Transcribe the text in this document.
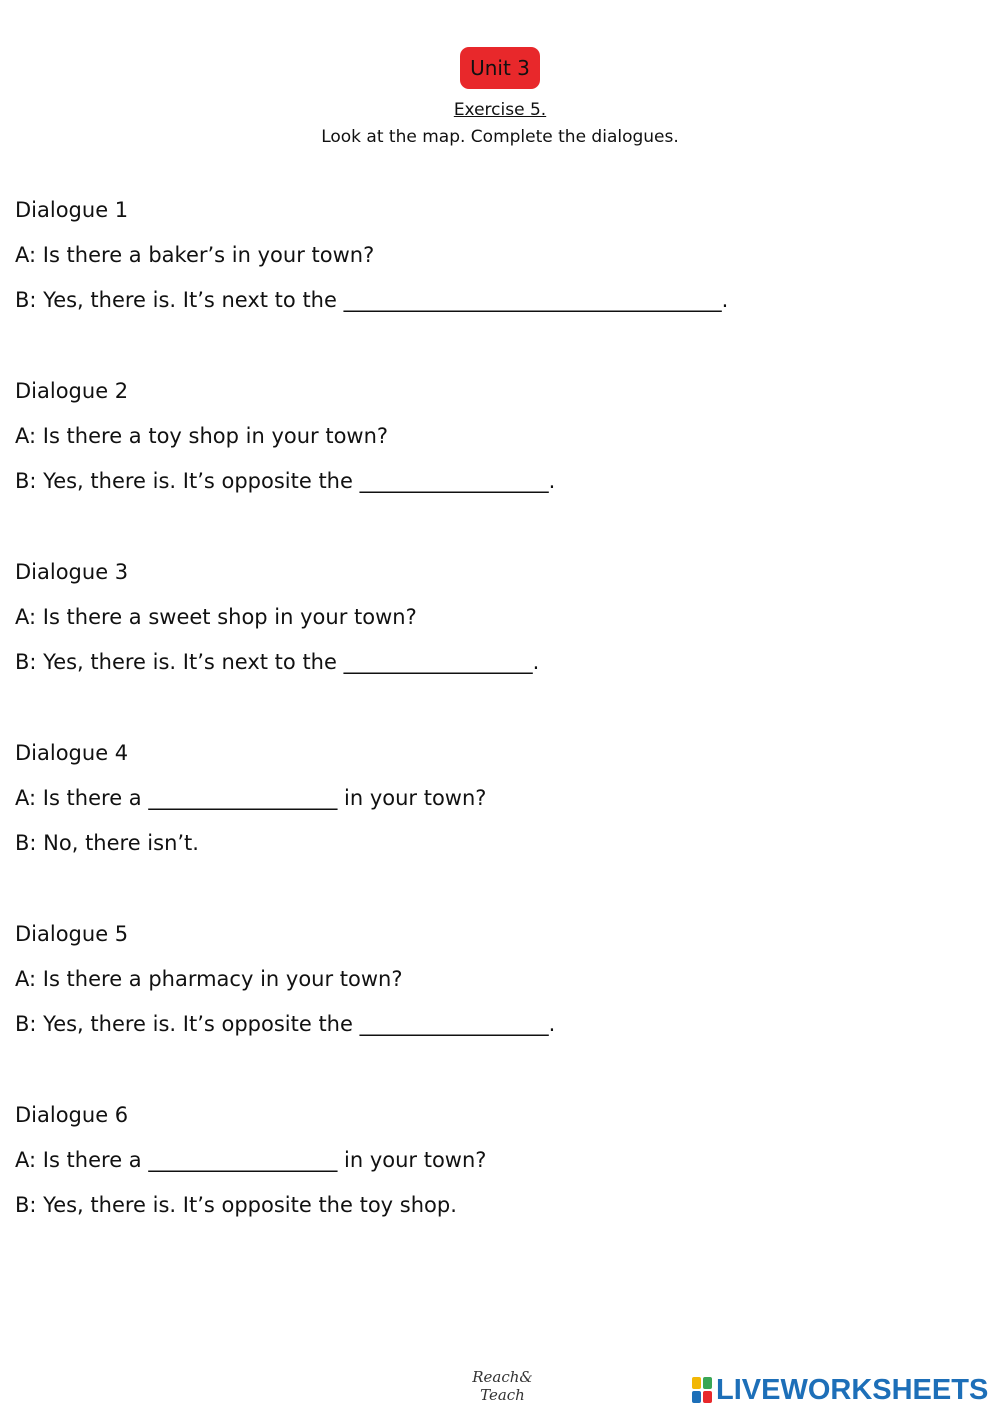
Unit 3
Exercise 5.
Look at the map. Complete the dialogues.
Dialogue 1
A: Is there a baker’s in your town?
B: Yes, there is. It’s next to the ____________________________________.
Dialogue 2
A: Is there a toy shop in your town?
B: Yes, there is. It’s opposite the __________________.
Dialogue 3
A: Is there a sweet shop in your town?
B: Yes, there is. It’s next to the __________________.
Dialogue 4
A: Is there a __________________ in your town?
B: No, there isn’t.
Dialogue 5
A: Is there a pharmacy in your town?
B: Yes, there is. It’s opposite the __________________.
Dialogue 6
A: Is there a __________________ in your town?
B: Yes, there is. It’s opposite the toy shop.
Reach& Teach	LIVEWORKSHEETS
